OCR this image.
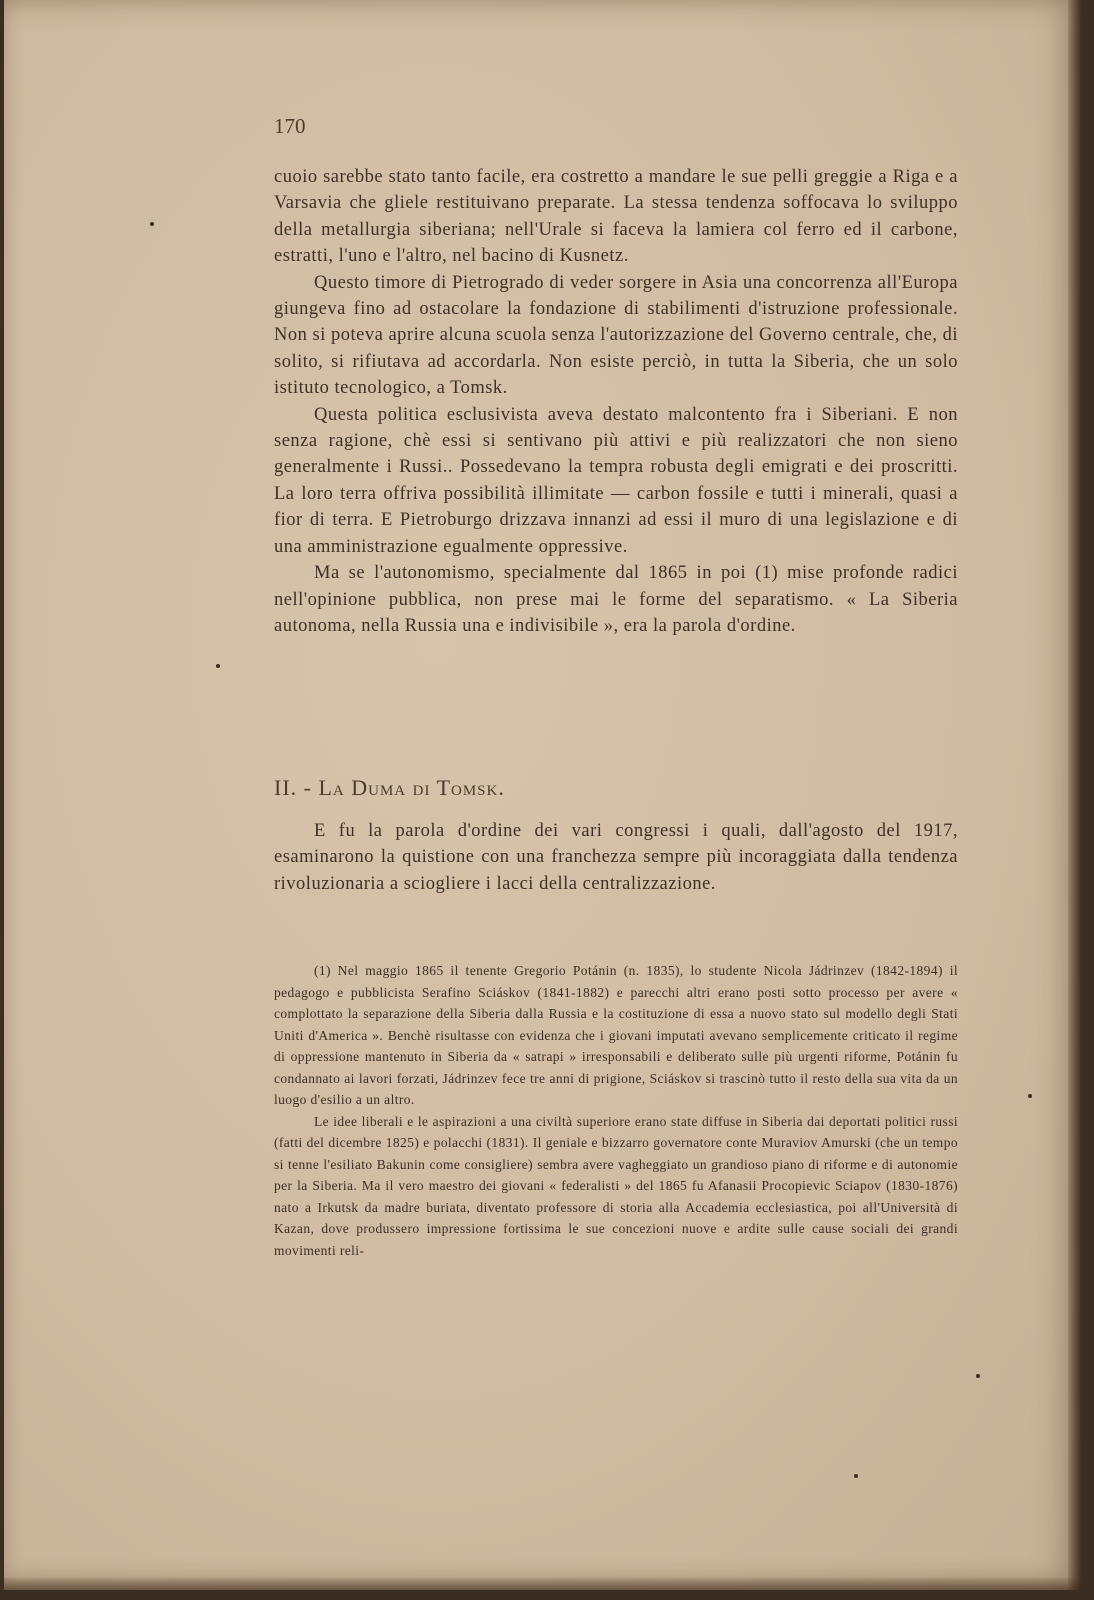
170

cuoio sarebbe stato tanto facile, era costretto a mandare le sue pelli greggie a Riga e a Varsavia che gliele restituivano preparate. La stessa tendenza soffocava lo sviluppo della metallurgia siberiana; nell'Urale si faceva la lamiera col ferro ed il carbone, estratti, l'uno e l'altro, nel bacino di Kusnetz.

Questo timore di Pietrogrado di veder sorgere in Asia una concorrenza all'Europa giungeva fino ad ostacolare la fondazione di stabilimenti d'istruzione professionale. Non si poteva aprire alcuna scuola senza l'autorizzazione del Governo centrale, che, di solito, si rifiutava ad accordarla. Non esiste perciò, in tutta la Siberia, che un solo istituto tecnologico, a Tomsk.

Questa politica esclusivista aveva destato malcontento fra i Siberiani. E non senza ragione, chè essi si sentivano più attivi e più realizzatori che non sieno generalmente i Russi.. Possedevano la tempra robusta degli emigrati e dei proscritti. La loro terra offriva possibilità illimitate — carbon fossile e tutti i minerali, quasi a fior di terra. E Pietroburgo drizzava innanzi ad essi il muro di una legislazione e di una amministrazione egualmente oppressive.

Ma se l'autonomismo, specialmente dal 1865 in poi (1) mise profonde radici nell'opinione pubblica, non prese mai le forme del separatismo. « La Siberia autonoma, nella Russia una e indivisibile », era la parola d'ordine.

II. - La Duma di Tomsk.

E fu la parola d'ordine dei vari congressi i quali, dall'agosto del 1917, esaminarono la quistione con una franchezza sempre più incoraggiata dalla tendenza rivoluzionaria a sciogliere i lacci della centralizzazione.

(1) Nel maggio 1865 il tenente Gregorio Potánin (n. 1835), lo studente Nicola Jádrinzev (1842-1894) il pedagogo e pubblicista Serafino Sciáskov (1841-1882) e parecchi altri erano posti sotto processo per avere « complottato la separazione della Siberia dalla Russia e la costituzione di essa a nuovo stato sul modello degli Stati Uniti d'America ». Benchè risultasse con evidenza che i giovani imputati avevano semplicemente criticato il regime di oppressione mantenuto in Siberia da « satrapi » irresponsabili e deliberato sulle più urgenti riforme, Potánin fu condannato ai lavori forzati, Jádrinzev fece tre anni di prigione, Sciáskov si trascinò tutto il resto della sua vita da un luogo d'esilio a un altro.

Le idee liberali e le aspirazioni a una civiltà superiore erano state diffuse in Siberia dai deportati politici russi (fatti del dicembre 1825) e polacchi (1831). Il geniale e bizzarro governatore conte Muraviov Amurski (che un tempo si tenne l'esiliato Bakunin come consigliere) sembra avere vagheggiato un grandioso piano di riforme e di autonomie per la Siberia. Ma il vero maestro dei giovani « federalisti » del 1865 fu Afanasii Procopievic Sciapov (1830-1876) nato a Irkutsk da madre buriata, diventato professore di storia alla Accademia ecclesiastica, poi all'Università di Kazan, dove produssero impressione fortissima le sue concezioni nuove e ardite sulle cause sociali dei grandi movimenti reli-
